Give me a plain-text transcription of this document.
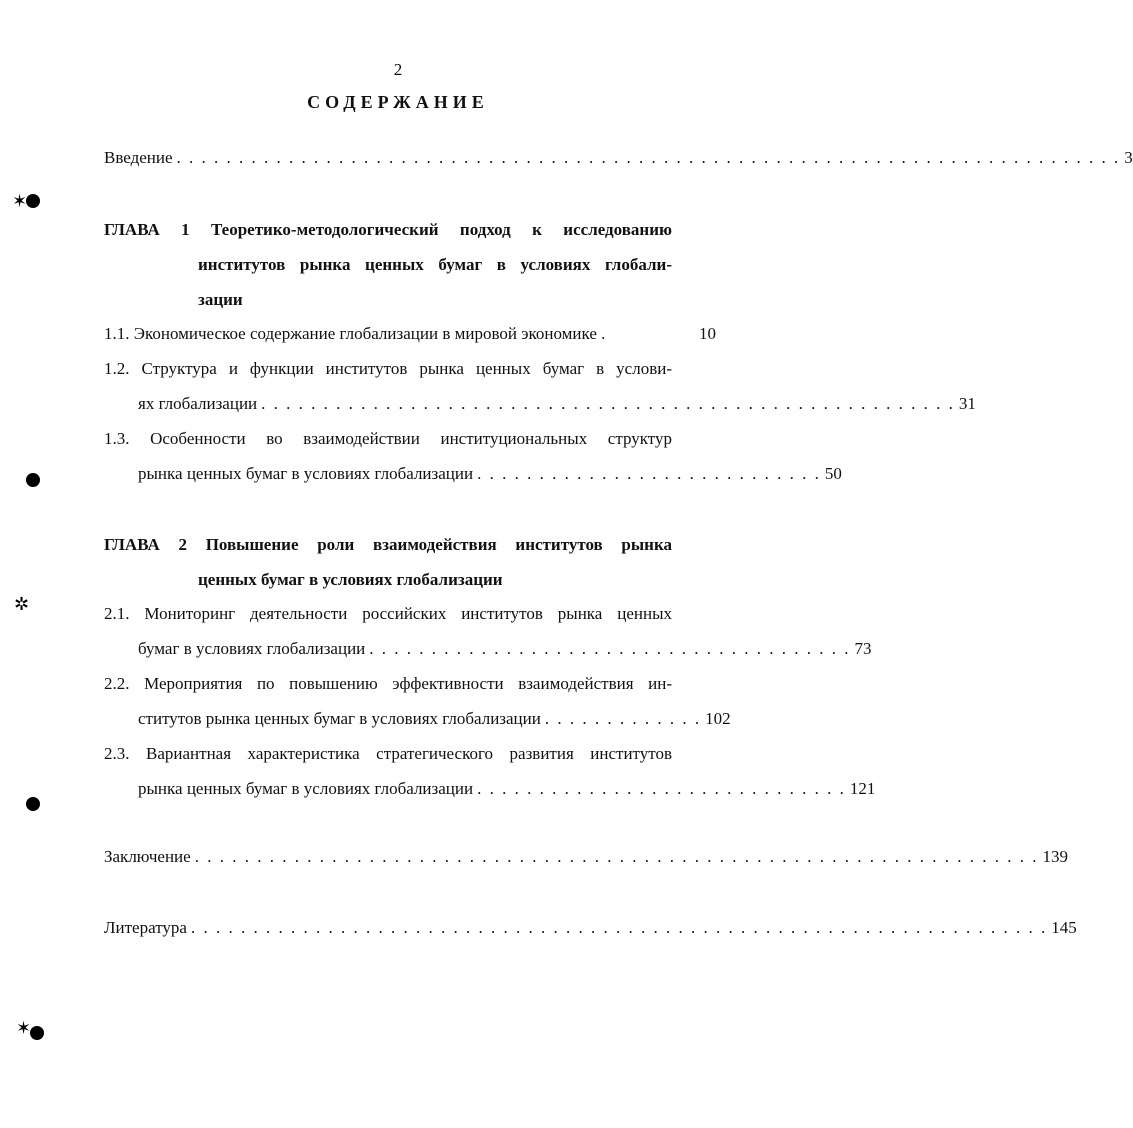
2
СОДЕРЖАНИЕ
Введение . . . . . . . . . . . . . . . . . . . . . . . . . . . . . . . . . . . . . . . . . . . . . . . . . . . . . . . . . . . . . . . . . . . . . . . . . . . . 3
ГЛАВА 1 Теоретико-методологический подход к исследованию
институтов рынка ценных бумаг в условиях глобали-
зации
1.1. Экономическое содержание глобализации в мировой экономике .	10
1.2. Структура и функции институтов рынка ценных бумаг в услови-
ях глобализации . . . . . . . . . . . . . . . . . . . . . . . . . . . . . . . . . . . . . . . . . . . . . . . . . . . . . . . . 31
1.3. Особенности во взаимодействии институциональных структур
рынка ценных бумаг в условиях глобализации . . . . . . . . . . . . . . . . . . . . . . . . . . . . 50
ГЛАВА 2 Повышение роли взаимодействия институтов рынка
ценных бумаг в условиях глобализации
2.1. Мониторинг деятельности российских институтов рынка ценных
бумаг в условиях глобализации . . . . . . . . . . . . . . . . . . . . . . . . . . . . . . . . . . . . . . . 73
2.2. Мероприятия по повышению эффективности взаимодействия ин-
ститутов рынка ценных бумаг в условиях глобализации . . . . . . . . . . . . . 102
2.3. Вариантная характеристика стратегического развития институтов
рынка ценных бумаг в условиях глобализации . . . . . . . . . . . . . . . . . . . . . . . . . . . . . . 121
Заключение . . . . . . . . . . . . . . . . . . . . . . . . . . . . . . . . . . . . . . . . . . . . . . . . . . . . . . . . . . . . . . . . . . . . 139
Литература . . . . . . . . . . . . . . . . . . . . . . . . . . . . . . . . . . . . . . . . . . . . . . . . . . . . . . . . . . . . . . . . . . . . . 145
✶
✲
✶
